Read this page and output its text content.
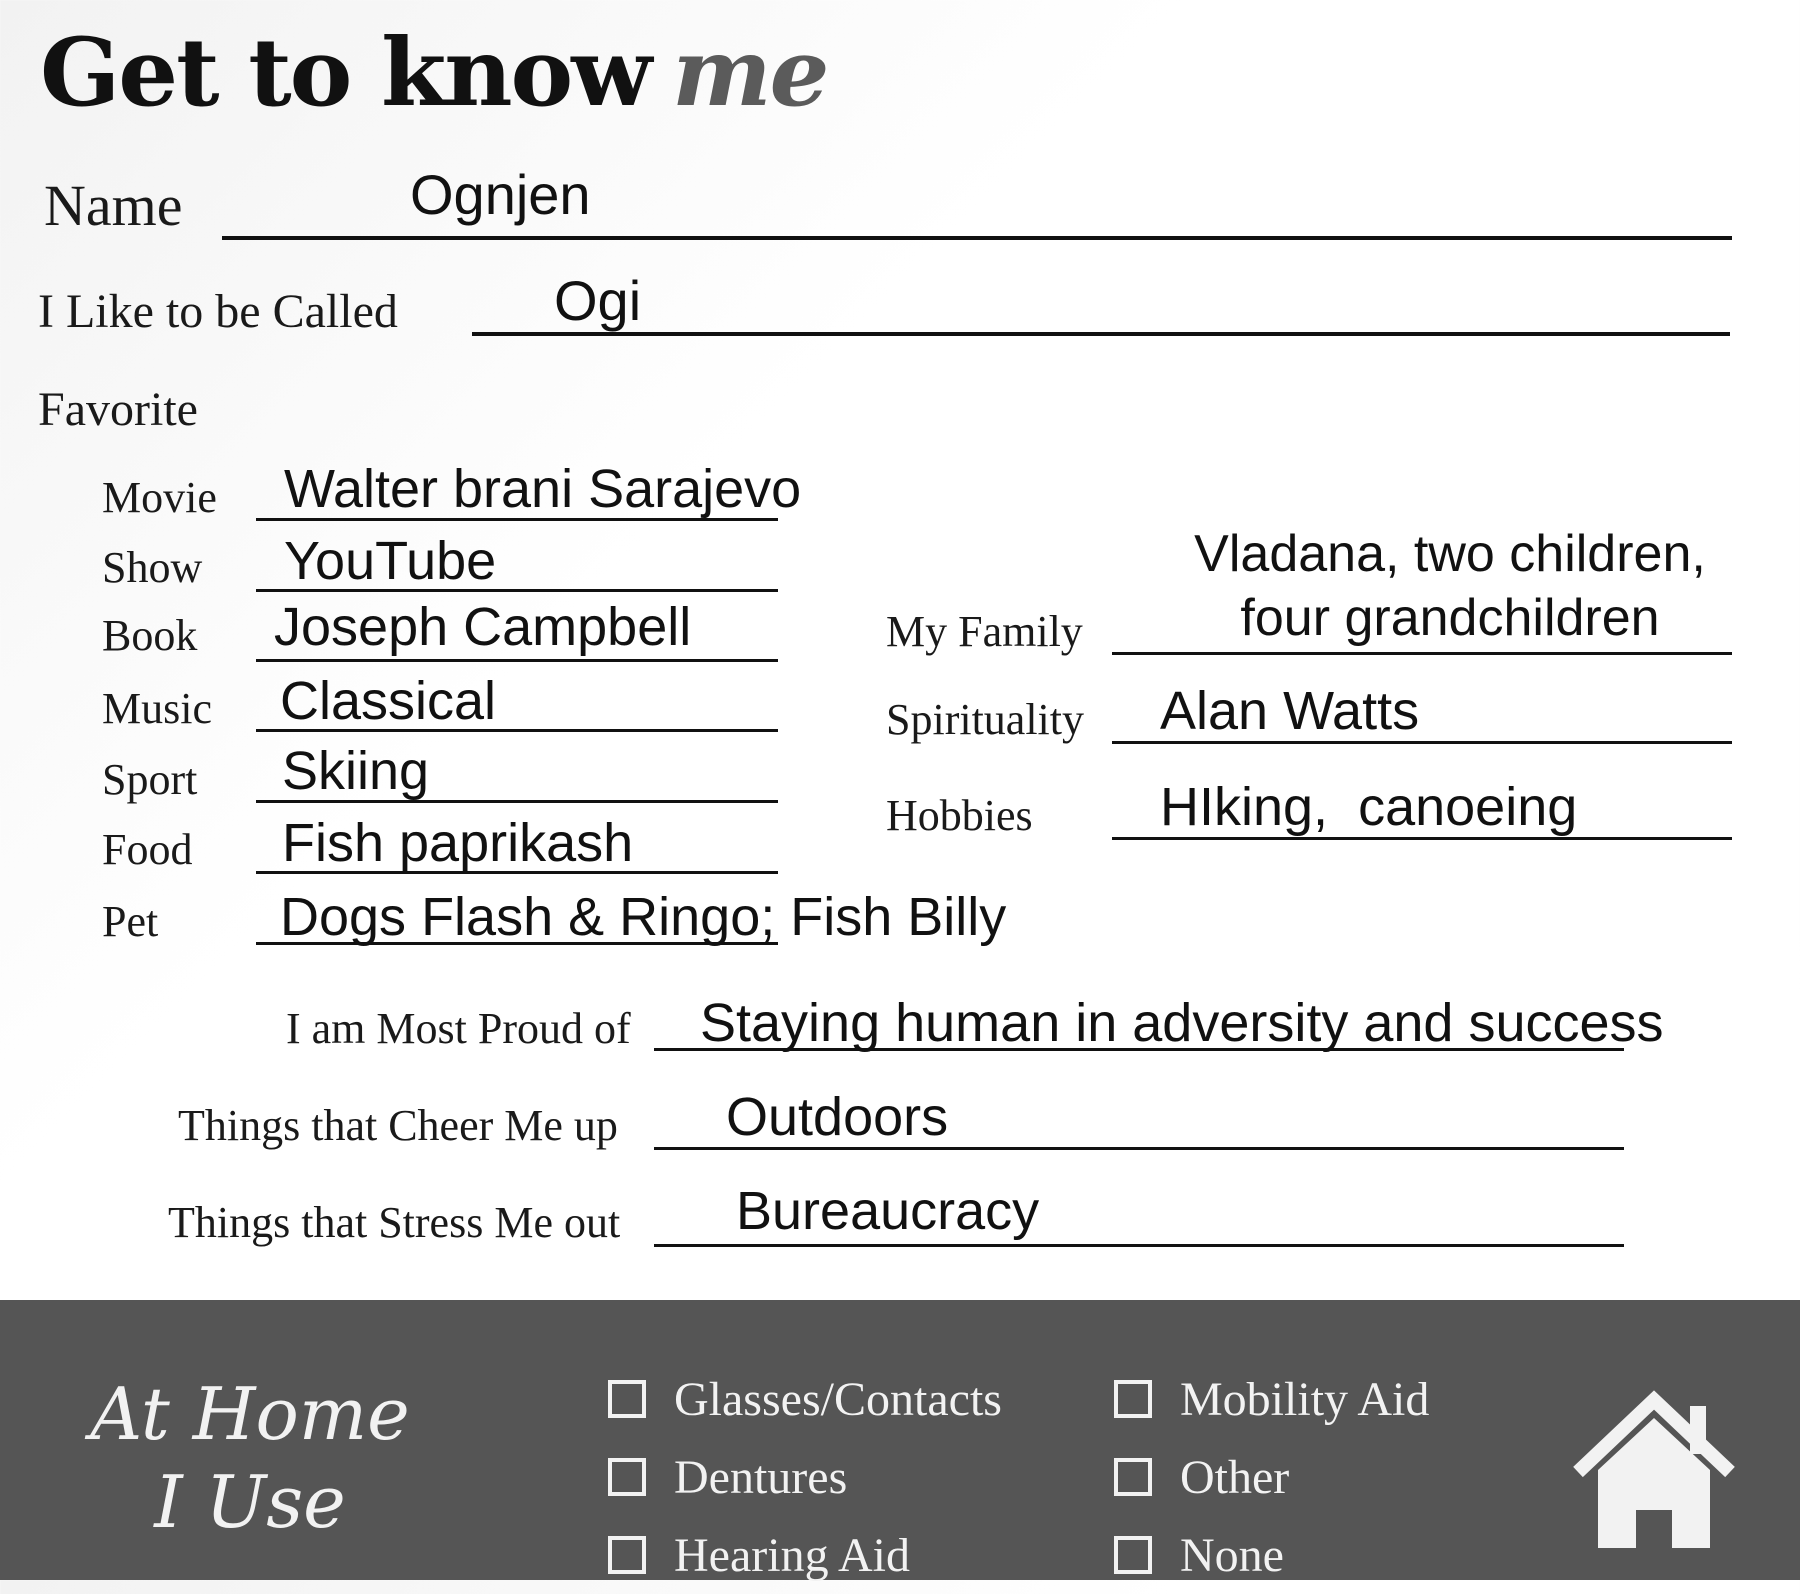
Get to know me
Name	Ognjen
I Like to be Called	Ogi
Favorite
Movie Walter brani Sarajevo
Show YouTube
Book Joseph Campbell
Music Classical
Sport Skiing
Food Fish paprikash
Pet Dogs Flash & Ringo; Fish Billy
Vladana, two children,
four grandchildren
My Family
Spirituality Alan Watts
Hobbies HIking,  canoeing
I am Most Proud of Staying human in adversity and success
Things that Cheer Me up Outdoors
Things that Stress Me out Bureaucracy
At Home
I Use
Glasses/Contacts
Dentures
Hearing Aid
Mobility Aid
Other
None
